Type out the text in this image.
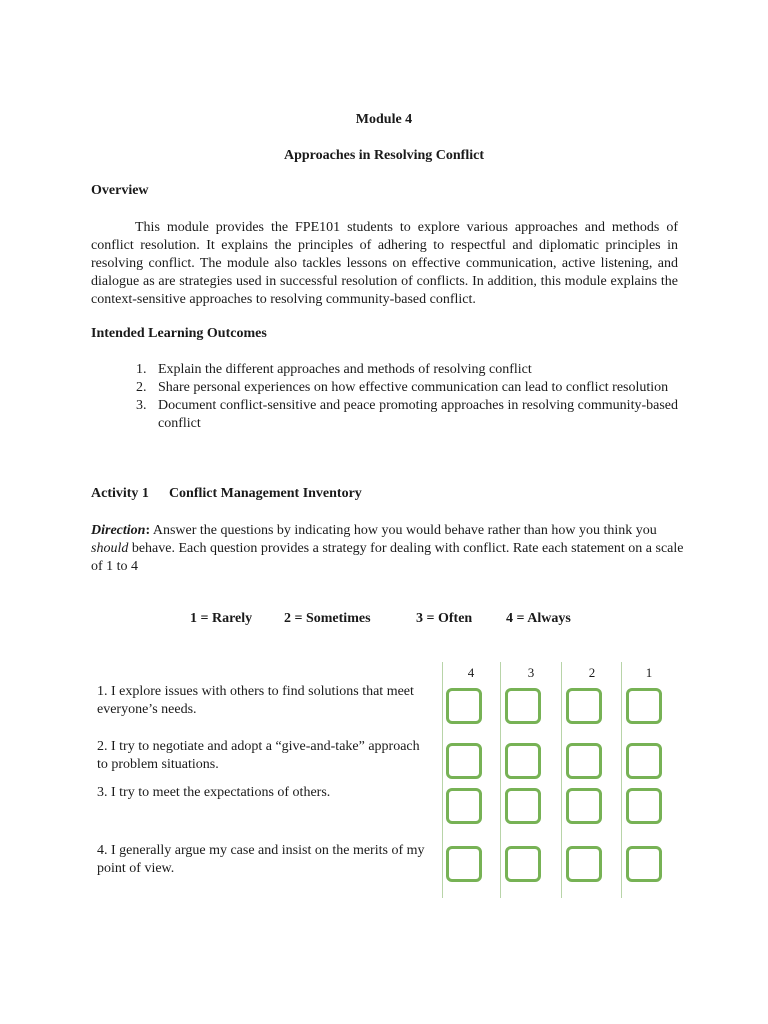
Module 4
Approaches in Resolving Conflict
Overview
This module provides the FPE101 students to explore various approaches and methods of conflict resolution. It explains the principles of adhering to respectful and diplomatic principles in resolving conflict. The module also tackles lessons on effective communication, active listening, and dialogue as are strategies used in successful resolution of conflicts. In addition, this module explains the context-sensitive approaches to resolving community-based conflict.
Intended Learning Outcomes
1. Explain the different approaches and methods of resolving conflict
2. Share personal experiences on how effective communication can lead to conflict resolution
3. Document conflict-sensitive and peace promoting approaches in resolving community-based conflict
Activity 1 Conflict Management Inventory
Direction: Answer the questions by indicating how you would behave rather than how you think you should behave. Each question provides a strategy for dealing with conflict. Rate each statement on a scale of 1 to 4
1 = Rarely 2 = Sometimes	3 = Often 4 = Always
4	3	2	1
1. I explore issues with others to find solutions that meet everyone’s needs.
2. I try to negotiate and adopt a “give-and-take” approach to problem situations.
3. I try to meet the expectations of others.
4. I generally argue my case and insist on the merits of my point of view.
